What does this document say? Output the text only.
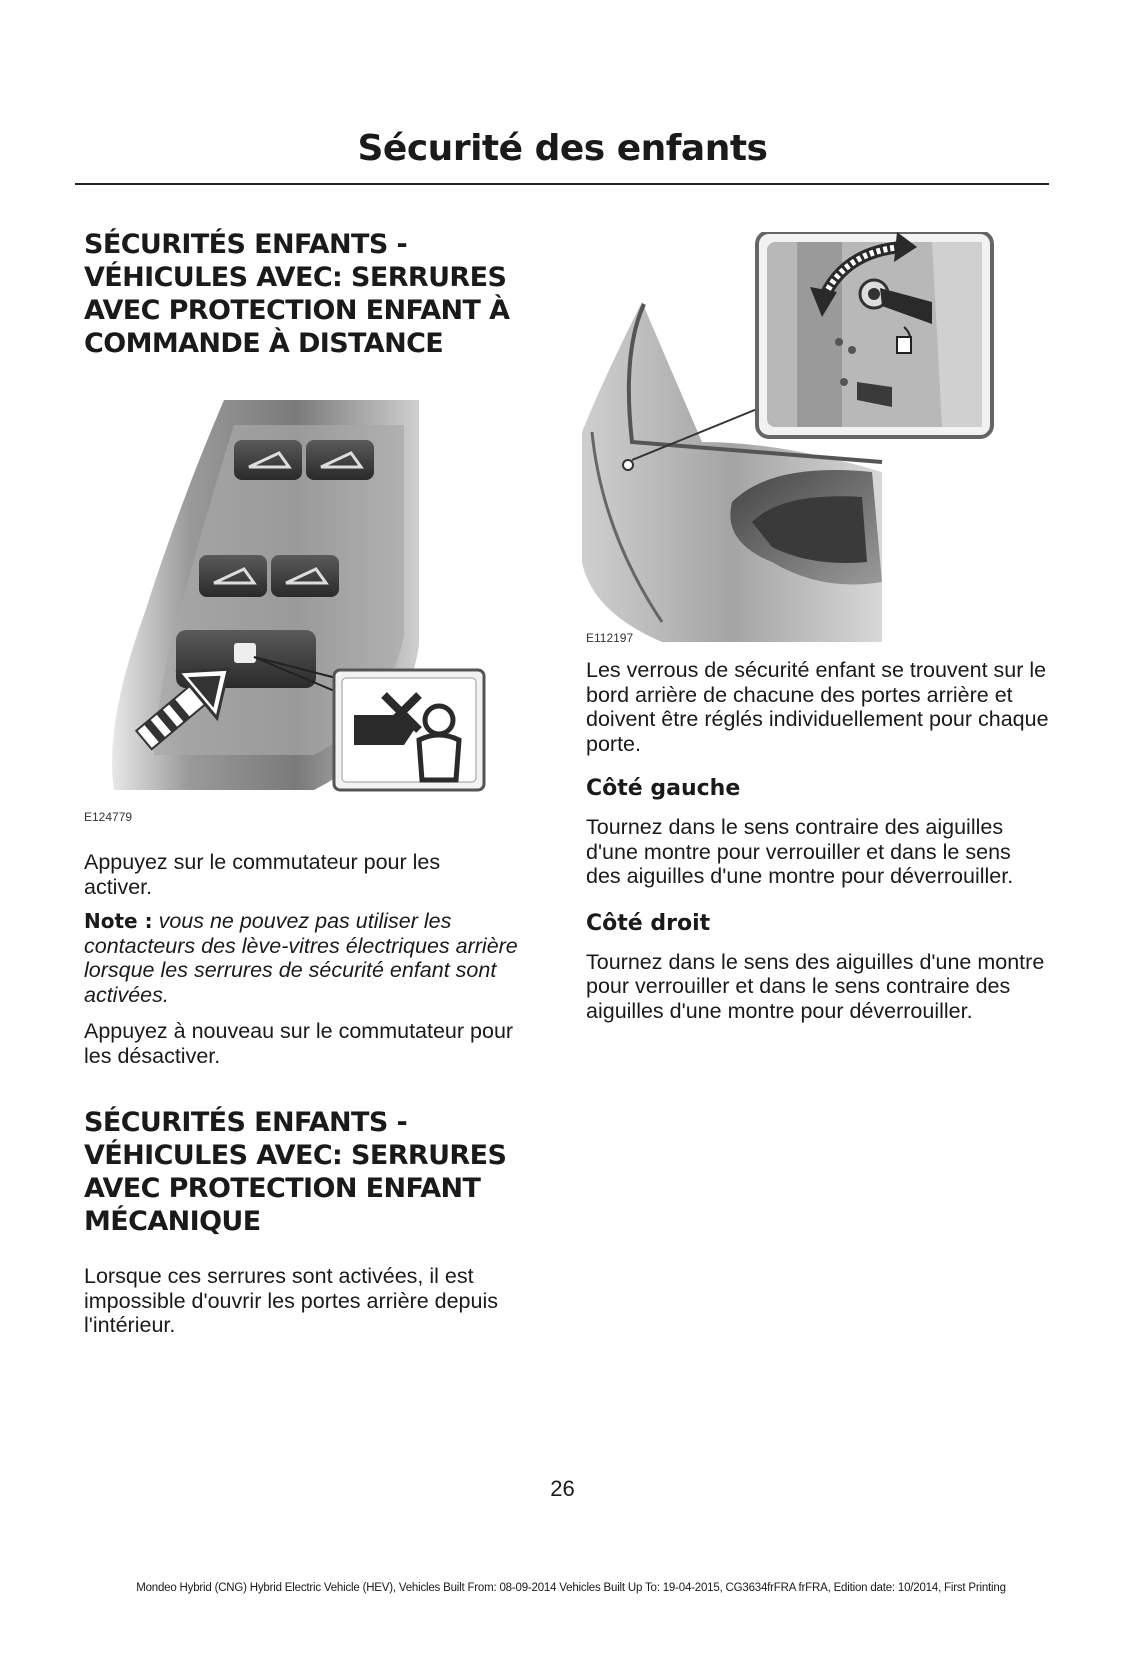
Sécurité des enfants
SÉCURITÉS ENFANTS - VÉHICULES AVEC: SERRURES AVEC PROTECTION ENFANT À COMMANDE À DISTANCE
E124779

Appuyez sur le commutateur pour les activer.

Note : vous ne pouvez pas utiliser les contacteurs des lève-vitres électriques arrière lorsque les serrures de sécurité enfant sont activées.

Appuyez à nouveau sur le commutateur pour les désactiver.

SÉCURITÉS ENFANTS - VÉHICULES AVEC: SERRURES AVEC PROTECTION ENFANT MÉCANIQUE

Lorsque ces serrures sont activées, il est impossible d'ouvrir les portes arrière depuis l'intérieur.

E112197

Les verrous de sécurité enfant se trouvent sur le bord arrière de chacune des portes arrière et doivent être réglés individuellement pour chaque porte.

Côté gauche

Tournez dans le sens contraire des aiguilles d'une montre pour verrouiller et dans le sens des aiguilles d'une montre pour déverrouiller.

Côté droit

Tournez dans le sens des aiguilles d'une montre pour verrouiller et dans le sens contraire des aiguilles d'une montre pour déverrouiller.

26
Mondeo Hybrid (CNG) Hybrid Electric Vehicle (HEV), Vehicles Built From: 08-09-2014 Vehicles Built Up To: 19-04-2015, CG3634frFRA frFRA, Edition date: 10/2014, First Printing
